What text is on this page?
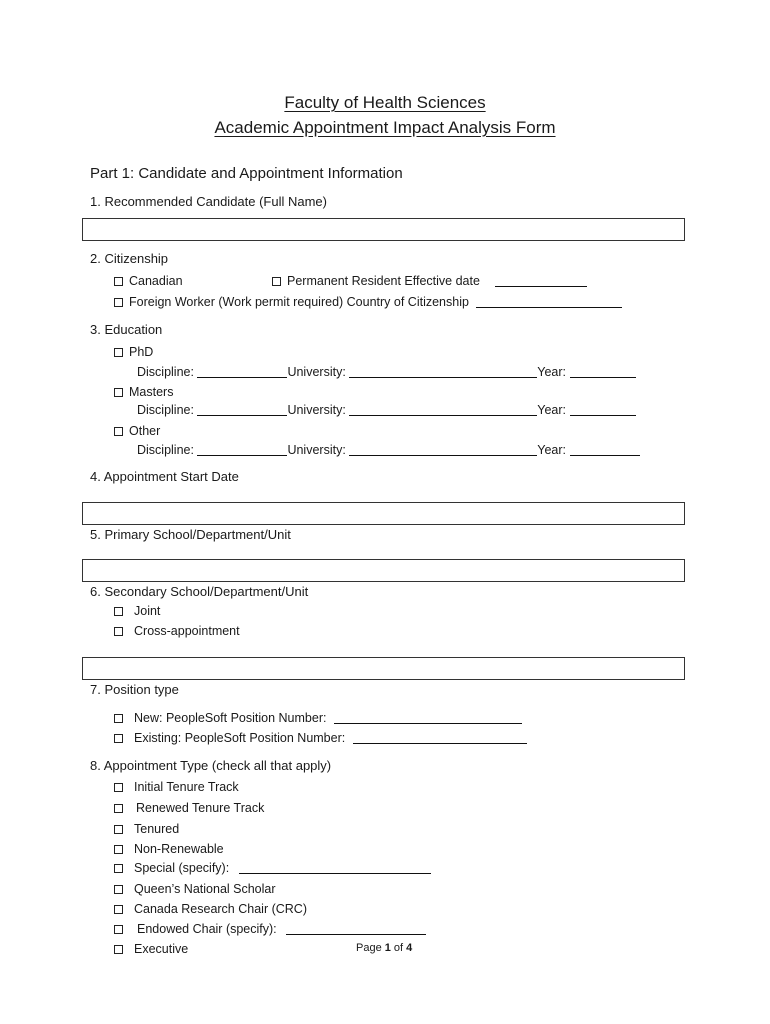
Faculty of Health Sciences
Academic Appointment Impact Analysis Form
Part 1: Candidate and Appointment Information
1. Recommended Candidate (Full Name)
2. Citizenship
Canadian	Permanent Resident Effective date
Foreign Worker (Work permit required) Country of Citizenship
3. Education
PhD
Discipline:	University:	Year:
Masters
Discipline:	University:	Year:
Other
Discipline:	University:	Year:
4. Appointment Start Date
5. Primary School/Department/Unit
6. Secondary School/Department/Unit
Joint
Cross-appointment
7. Position type
New: PeopleSoft Position Number:
Existing: PeopleSoft Position Number:
8. Appointment Type (check all that apply)
Initial Tenure Track
Renewed Tenure Track
Tenured
Non-Renewable
Special (specify):
Queen’s National Scholar
Canada Research Chair (CRC)
Endowed Chair (specify):
Executive	Page 1 of 4
